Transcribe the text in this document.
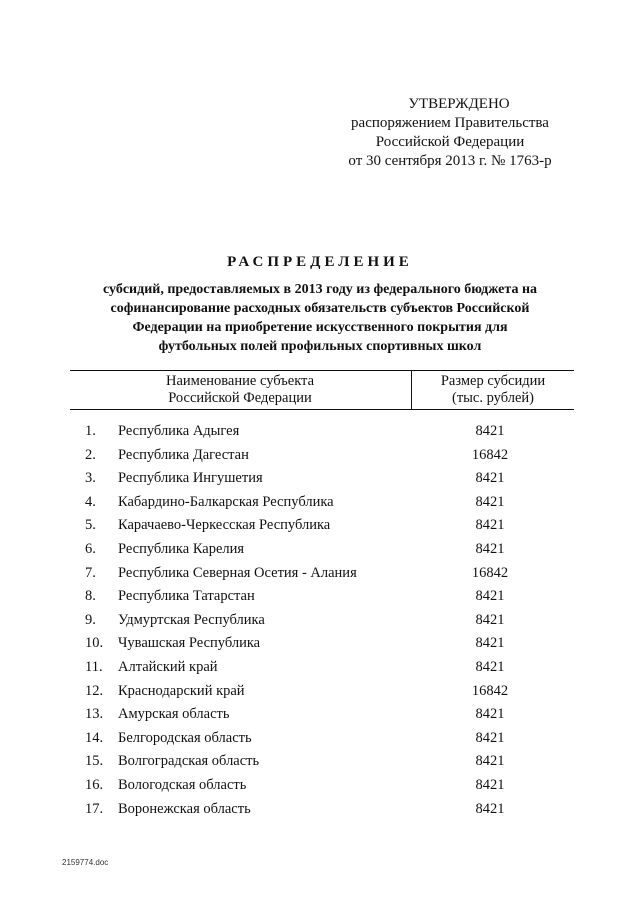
УТВЕРЖДЕНО
распоряжением Правительства
Российской Федерации
от 30 сентября 2013 г. № 1763-р
РАСПРЕДЕЛЕНИЕ
субсидий, предоставляемых в 2013 году из федерального бюджета на
софинансирование расходных обязательств субъектов Российской
Федерации на приобретение искусственного покрытия для
футбольных полей профильных спортивных школ
Наименование субъекта
Российской Федерации
Размер субсидии
(тыс. рублей)
1. Республика Адыгея	8421
2. Республика Дагестан	16842
3. Республика Ингушетия	8421
4. Кабардино-Балкарская Республика	8421
5. Карачаево-Черкесская Республика	8421
6. Республика Карелия	8421
7. Республика Северная Осетия - Алания	16842
8. Республика Татарстан	8421
9. Удмуртская Республика	8421
10. Чувашская Республика	8421
11. Алтайский край	8421
12. Краснодарский край	16842
13. Амурская область	8421
14. Белгородская область	8421
15. Волгоградская область	8421
16. Вологодская область	8421
17. Воронежская область	8421
2159774.doc
